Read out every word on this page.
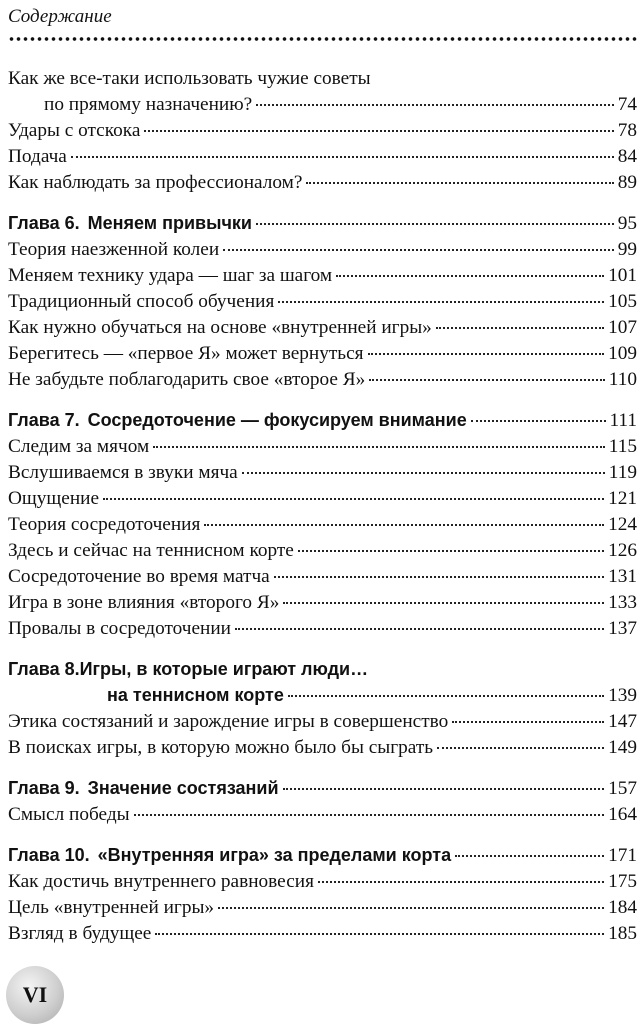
Содержание
Как же все-таки использовать чужие советы
по прямому назначению?	74
Удары с отскока	78
Подача	84
Как наблюдать за профессионалом?	89
Глава 6. Меняем привычки	95
Теория наезженной колеи	99
Меняем технику удара — шаг за шагом	101
Традиционный способ обучения	105
Как нужно обучаться на основе «внутренней игры»	107
Берегитесь — «первое Я» может вернуться	109
Не забудьте поблагодарить свое «второе Я»	110
Глава 7. Сосредоточение — фокусируем внимание	111
Следим за мячом	115
Вслушиваемся в звуки мяча	119
Ощущение	121
Теория сосредоточения	124
Здесь и сейчас на теннисном корте	126
Сосредоточение во время матча	131
Игра в зоне влияния «второго Я»	133
Провалы в сосредоточении	137
Глава 8.Игры, в которые играют люди…
на теннисном корте	139
Этика состязаний и зарождение игры в совершенство	147
В поисках игры, в которую можно было бы сыграть	149
Глава 9. Значение состязаний	157
Смысл победы	164
Глава 10. «Внутренняя игра» за пределами корта	171
Как достичь внутреннего равновесия	175
Цель «внутренней игры»	184
Взгляд в будущее	185
VI
